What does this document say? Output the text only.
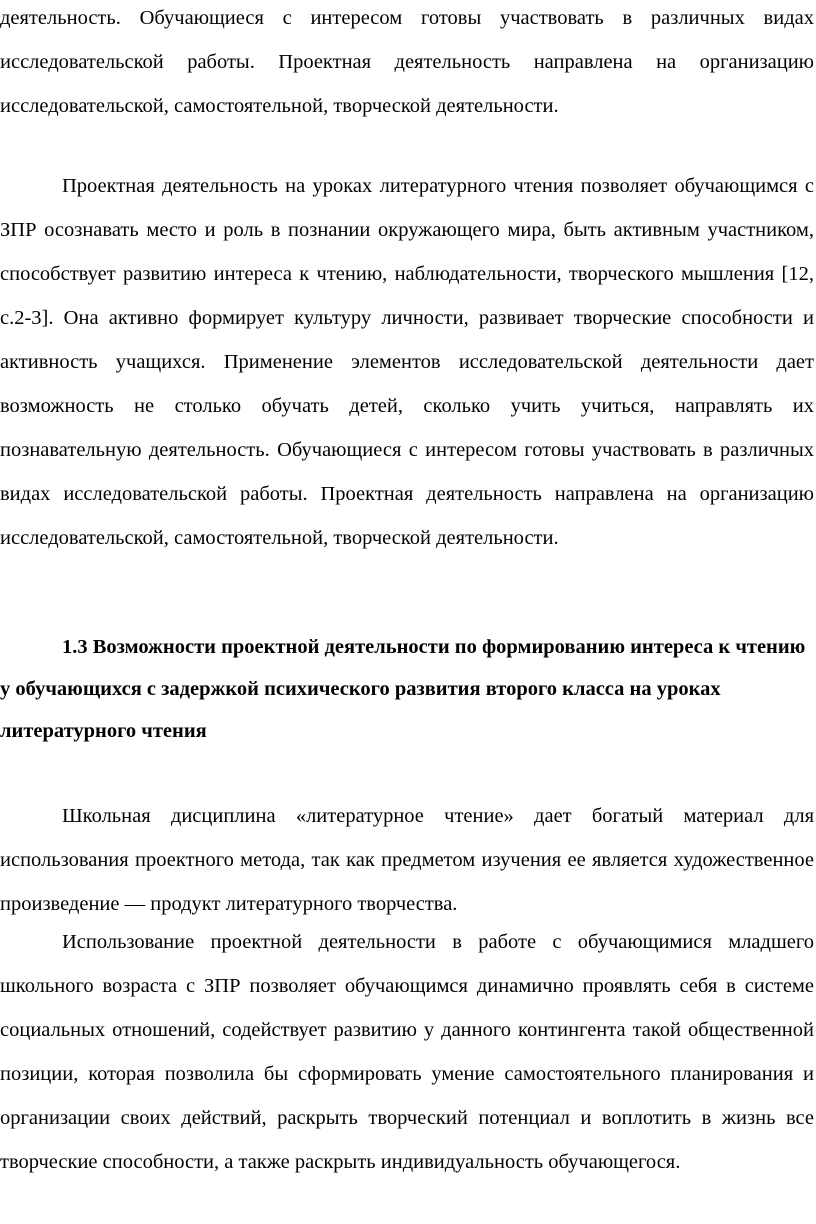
деятельность. Обучающиеся с интересом готовы участвовать в различных видах исследовательской работы. Проектная деятельность направлена на организацию исследовательской, самостоятельной, творческой деятельности.

Проектная деятельность на уроках литературного чтения позволяет обучающимся с ЗПР осознавать место и роль в познании окружающего мира, быть активным участником, способствует развитию интереса к чтению, наблюдательности, творческого мышления [12, с.2-3]. Она активно формирует культуру личности, развивает творческие способности и активность учащихся. Применение элементов исследовательской деятельности дает возможность не столько обучать детей, сколько учить учиться, направлять их познавательную деятельность. Обучающиеся с интересом готовы участвовать в различных видах исследовательской работы. Проектная деятельность направлена на организацию исследовательской, самостоятельной, творческой деятельности.

1.3 Возможности проектной деятельности по формированию интереса к чтению у обучающихся с задержкой психического развития второго класса на уроках литературного чтения

Школьная дисциплина «литературное чтение» дает богатый материал для использования проектного метода, так как предметом изучения ее является художественное произведение — продукт литературного творчества.

Использование проектной деятельности в работе с обучающимися младшего школьного возраста с ЗПР позволяет обучающимся динамично проявлять себя в системе социальных отношений, содействует развитию у данного контингента такой общественной позиции, которая позволила бы сформировать умение самостоятельного планирования и организации своих действий, раскрыть творческий потенциал и воплотить в жизнь все творческие способности, а также раскрыть индивидуальность обучающегося.
